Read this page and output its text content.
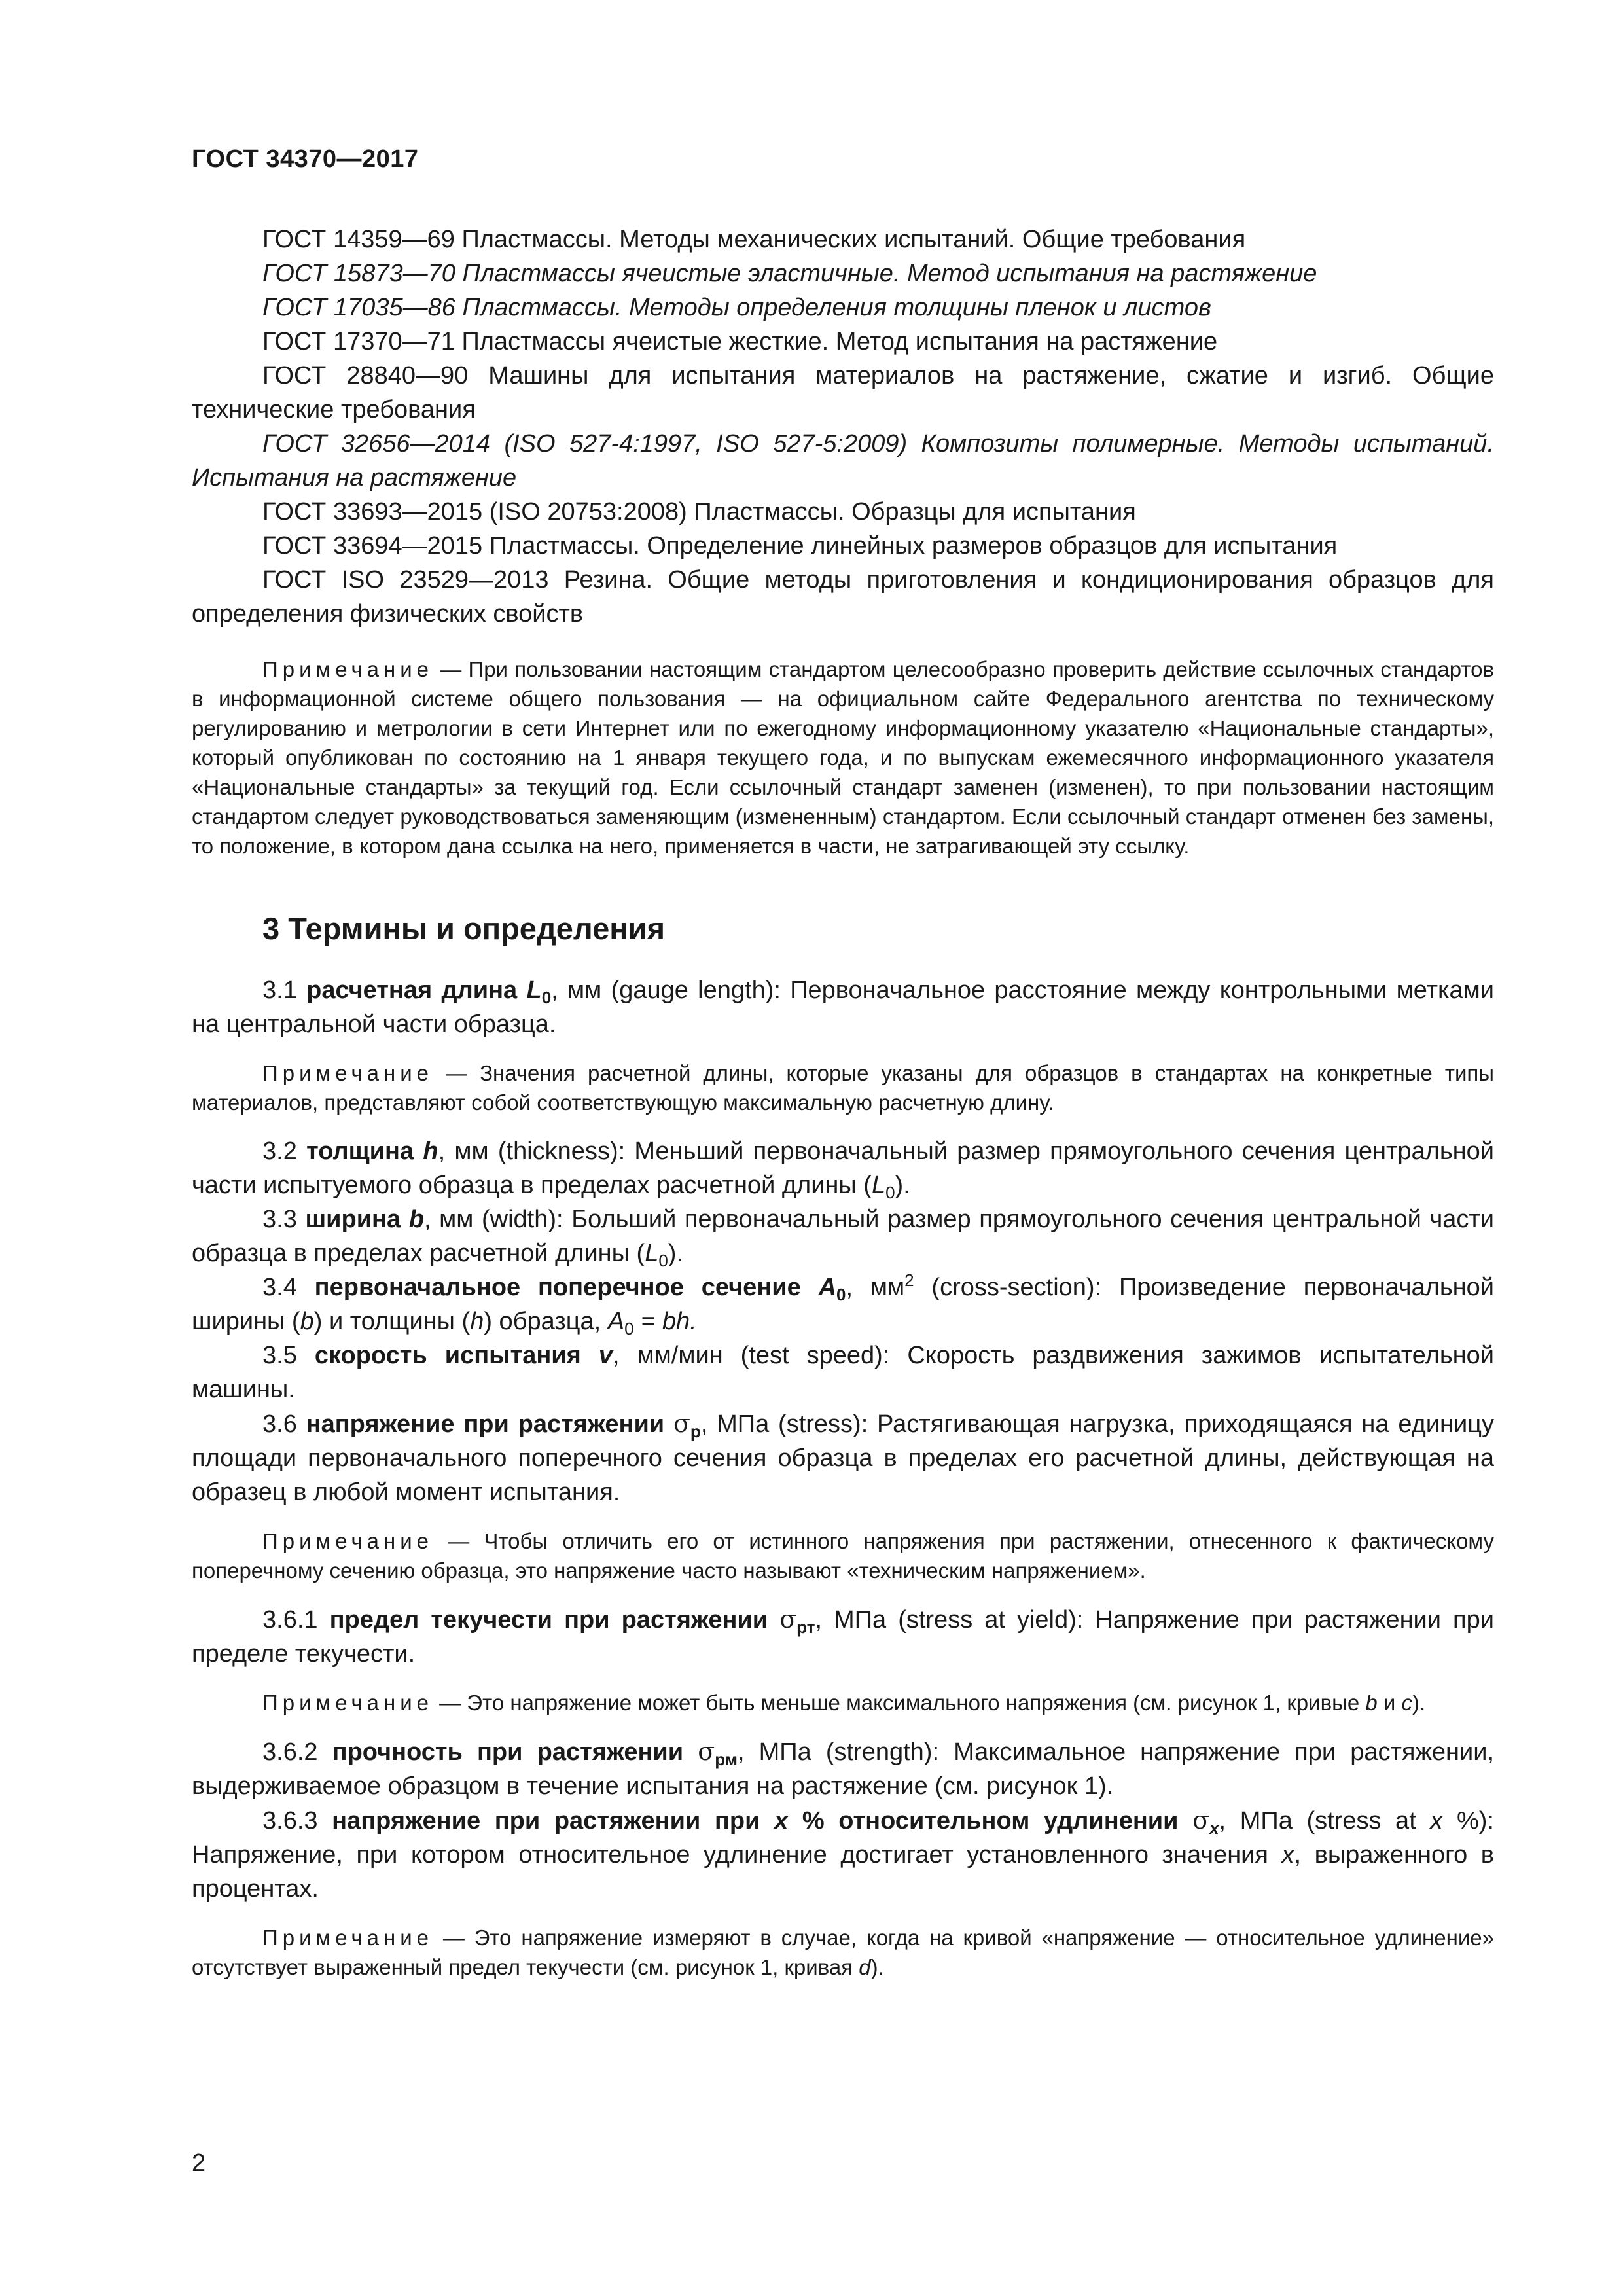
ГОСТ 34370—2017

ГОСТ 14359—69 Пластмассы. Методы механических испытаний. Общие требования

ГОСТ 15873—70 Пластмассы ячеистые эластичные. Метод испытания на растяжение

ГОСТ 17035—86 Пластмассы. Методы определения толщины пленок и листов

ГОСТ 17370—71 Пластмассы ячеистые жесткие. Метод испытания на растяжение

ГОСТ 28840—90 Машины для испытания материалов на растяжение, сжатие и изгиб. Общие технические требования

ГОСТ 32656—2014 (ISO 527-4:1997, ISO 527-5:2009) Композиты полимерные. Методы испытаний. Испытания на растяжение

ГОСТ 33693—2015 (ISO 20753:2008) Пластмассы. Образцы для испытания

ГОСТ 33694—2015 Пластмассы. Определение линейных размеров образцов для испытания

ГОСТ ISO 23529—2013 Резина. Общие методы приготовления и кондиционирования образцов для определения физических свойств

Примечание — При пользовании настоящим стандартом целесообразно проверить действие ссылочных стандартов в информационной системе общего пользования — на официальном сайте Федерального агентства по техническому регулированию и метрологии в сети Интернет или по ежегодному информационному указателю «Национальные стандарты», который опубликован по состоянию на 1 января текущего года, и по выпускам ежемесячного информационного указателя «Национальные стандарты» за текущий год. Если ссылочный стандарт заменен (изменен), то при пользовании настоящим стандартом следует руководствоваться заменяющим (измененным) стандартом. Если ссылочный стандарт отменен без замены, то положение, в котором дана ссылка на него, применяется в части, не затрагивающей эту ссылку.

3 Термины и определения

3.1 расчетная длина $L_0$, мм (gauge length): Первоначальное расстояние между контрольными метками на центральной части образца.

Примечание — Значения расчетной длины, которые указаны для образцов в стандартах на конкретные типы материалов, представляют собой соответствующую максимальную расчетную длину.

3.2 толщина h, мм (thickness): Меньший первоначальный размер прямоугольного сечения центральной части испытуемого образца в пределах расчетной длины $(L_0)$.

3.3 ширина b, мм (width): Больший первоначальный размер прямоугольного сечения центральной части образца в пределах расчетной длины $(L_0)$.

3.4 первоначальное поперечное сечение $A_0$, $мм^2$ (cross-section): Произведение первоначальной ширины (b) и толщины (h) образца, $A_0$ = bh.

3.5 скорость испытания v, мм/мин (test speed): Скорость раздвижения зажимов испытательной машины.

3.6 напряжение при растяжении $\sigma_р$, МПа (stress): Растягивающая нагрузка, приходящаяся на единицу площади первоначального поперечного сечения образца в пределах его расчетной длины, действующая на образец в любой момент испытания.

Примечание — Чтобы отличить его от истинного напряжения при растяжении, отнесенного к фактическому поперечному сечению образца, это напряжение часто называют «техническим напряжением».

3.6.1 предел текучести при растяжении $\sigma_{рт}$, МПа (stress at yield): Напряжение при растяжении при пределе текучести.

Примечание — Это напряжение может быть меньше максимального напряжения (см. рисунок 1, кривые b и c).

3.6.2 прочность при растяжении $\sigma_{рм}$, МПа (strength): Максимальное напряжение при растяжении, выдерживаемое образцом в течение испытания на растяжение (см. рисунок 1).

3.6.3 напряжение при растяжении при x % относительном удлинении $\sigma_x$, МПа (stress at x %): Напряжение, при котором относительное удлинение достигает установленного значения x, выраженного в процентах.

Примечание — Это напряжение измеряют в случае, когда на кривой «напряжение — относительное удлинение» отсутствует выраженный предел текучести (см. рисунок 1, кривая d).

2
